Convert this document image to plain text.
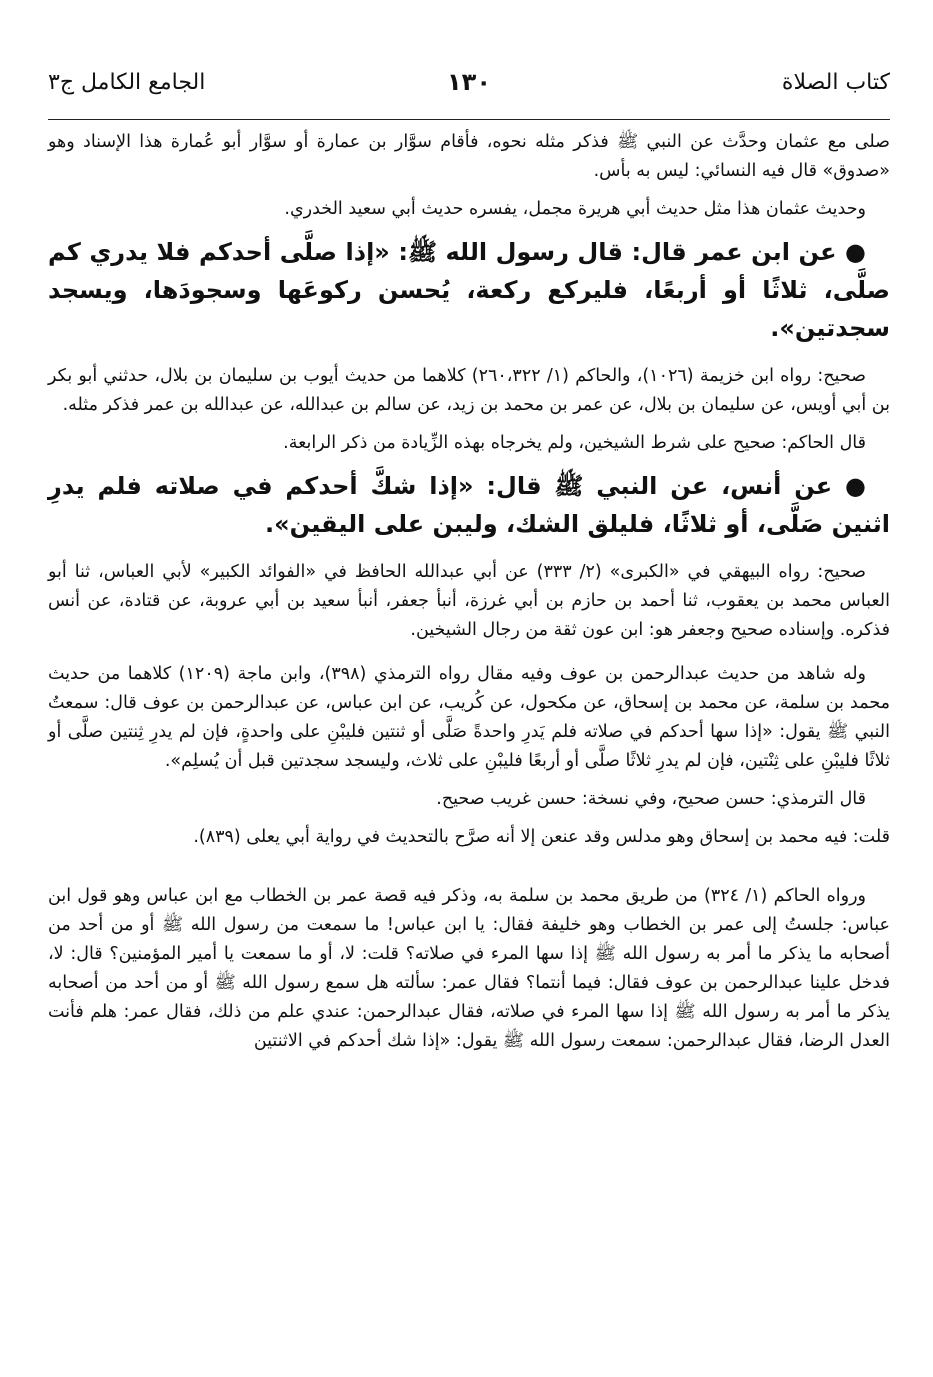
كتاب الصلاة
١٣٠
الجامع الكامل ج٣

صلى مع عثمان وحدَّث عن النبي ﷺ فذكر مثله نحوه، فأقام سوَّار بن عمارة أو سوَّار أبو عُمارة هذا الإسناد وهو «صدوق» قال فيه النسائي: ليس به بأس.

وحديث عثمان هذا مثل حديث أبي هريرة مجمل، يفسره حديث أبي سعيد الخدري.

● عن ابن عمر قال: قال رسول الله ﷺ: «إذا صلَّى أحدكم فلا يدري كم صلَّى، ثلاثًا أو أربعًا، فليركع ركعة، يُحسن ركوعَها وسجودَها، ويسجد سجدتين».

صحيح: رواه ابن خزيمة (١٠٢٦)، والحاكم (١/ ٢٦٠،٣٢٢) كلاهما من حديث أيوب بن سليمان بن بلال، حدثني أبو بكر بن أبي أويس، عن سليمان بن بلال، عن عمر بن محمد بن زيد، عن سالم بن عبدالله، عن عبدالله بن عمر فذكر مثله.

قال الحاكم: صحيح على شرط الشيخين، ولم يخرجاه بهذه الزِّيادة من ذكر الرابعة.

● عن أنس، عن النبي ﷺ قال: «إذا شكَّ أحدكم في صلاته فلم يدرِ اثنين صَلَّى، أو ثلاثًا، فليلق الشك، وليبن على اليقين».

صحيح: رواه البيهقي في «الكبرى» (٢/ ٣٣٣) عن أبي عبدالله الحافظ في «الفوائد الكبير» لأبي العباس، ثنا أبو العباس محمد بن يعقوب، ثنا أحمد بن حازم بن أبي غرزة، أنبأ جعفر، أنبأ سعيد بن أبي عروبة، عن قتادة، عن أنس فذكره. وإسناده صحيح وجعفر هو: ابن عون ثقة من رجال الشيخين.

وله شاهد من حديث عبدالرحمن بن عوف وفيه مقال رواه الترمذي (٣٩٨)، وابن ماجة (١٢٠٩) كلاهما من حديث محمد بن سلمة، عن محمد بن إسحاق، عن مكحول، عن كُريب، عن ابن عباس، عن عبدالرحمن بن عوف قال: سمعتُ النبي ﷺ يقول: «إذا سها أحدكم في صلاته فلم يَدرِ واحدةً صَلَّى أو ثنتين فليبْنِ على واحدةٍ، فإن لم يدرِ ثِنتين صلَّى أو ثلاثًا فليبْنِ على ثِنْتين، فإن لم يدرِ ثلاثًا صلَّى أو أربعًا فليبْنِ على ثلاث، وليسجد سجدتين قبل أن يُسلِم».

قال الترمذي: حسن صحيح، وفي نسخة: حسن غريب صحيح.

قلت: فيه محمد بن إسحاق وهو مدلس وقد عنعن إلا أنه صرَّح بالتحديث في رواية أبي يعلى (٨٣٩).

ورواه الحاكم (١/ ٣٢٤) من طريق محمد بن سلمة به، وذكر فيه قصة عمر بن الخطاب مع ابن عباس وهو قول ابن عباس: جلستُ إلى عمر بن الخطاب وهو خليفة فقال: يا ابن عباس! ما سمعت من رسول الله ﷺ أو من أحد من أصحابه ما يذكر ما أمر به رسول الله ﷺ إذا سها المرء في صلاته؟ قلت: لا، أو ما سمعت يا أمير المؤمنين؟ قال: لا، فدخل علينا عبدالرحمن بن عوف فقال: فيما أنتما؟ فقال عمر: سألته هل سمع رسول الله ﷺ أو من أحد من أصحابه يذكر ما أمر به رسول الله ﷺ إذا سها المرء في صلاته، فقال عبدالرحمن: عندي علم من ذلك، فقال عمر: هلم فأنت العدل الرضا، فقال عبدالرحمن: سمعت رسول الله ﷺ يقول: «إذا شك أحدكم في الاثنتين
